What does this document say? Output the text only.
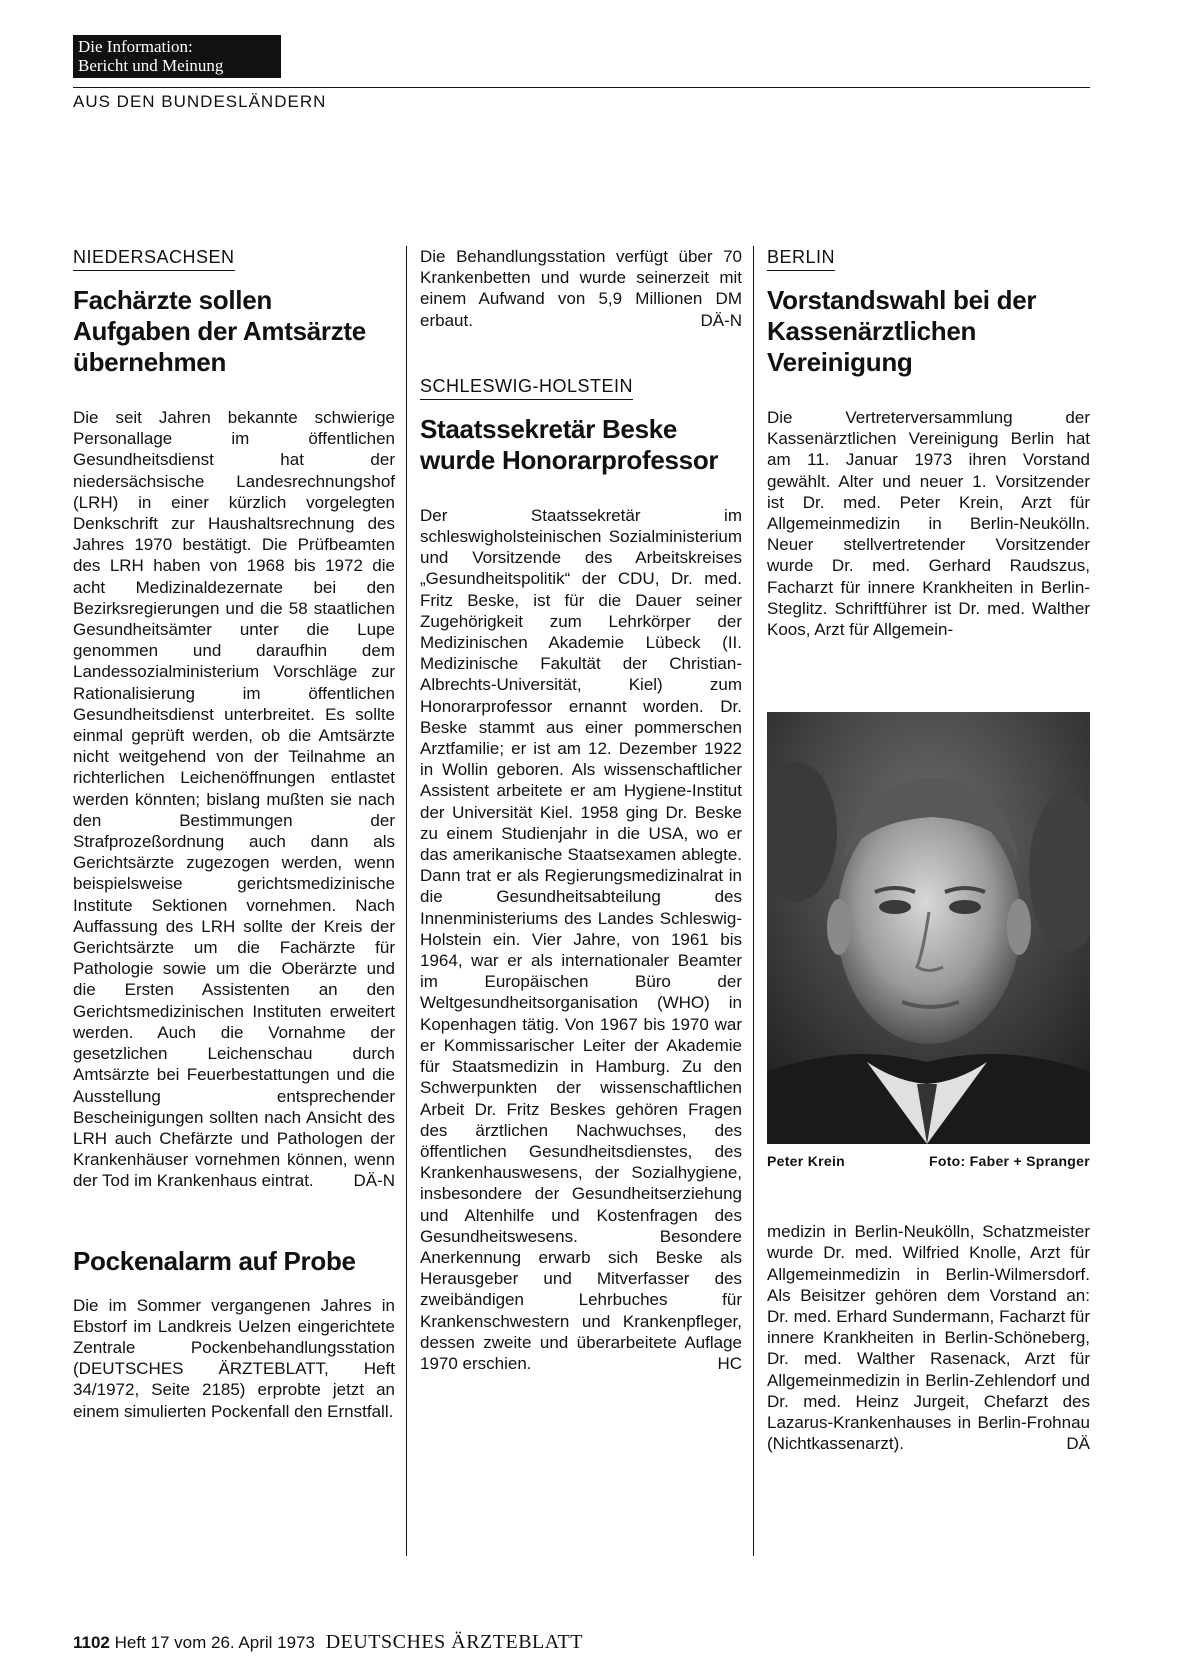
Die Information:
Bericht und Meinung
AUS DEN BUNDESLÄNDERN
NIEDERSACHSEN
Fachärzte sollen Aufgaben der Amtsärzte übernehmen

Die seit Jahren bekannte schwierige Personallage im öffentlichen Gesundheitsdienst hat der niedersächsische Landesrechnungshof (LRH) in einer kürzlich vorgelegten Denkschrift zur Haushaltsrechnung des Jahres 1970 bestätigt. Die Prüfbeamten des LRH haben von 1968 bis 1972 die acht Medizinaldezernate bei den Bezirksregierungen und die 58 staatlichen Gesundheitsämter unter die Lupe genommen und daraufhin dem Landessozialministerium Vorschläge zur Rationalisierung im öffentlichen Gesundheitsdienst unterbreitet. Es sollte einmal geprüft werden, ob die Amtsärzte nicht weitgehend von der Teilnahme an richterlichen Leichenöffnungen entlastet werden könnten; bislang mußten sie nach den Bestimmungen der Strafprozeßordnung auch dann als Gerichtsärzte zugezogen werden, wenn beispielsweise gerichtsmedizinische Institute Sektionen vornehmen. Nach Auffassung des LRH sollte der Kreis der Gerichtsärzte um die Fachärzte für Pathologie sowie um die Oberärzte und die Ersten Assistenten an den Gerichtsmedizinischen Instituten erweitert werden. Auch die Vornahme der gesetzlichen Leichenschau durch Amtsärzte bei Feuerbestattungen und die Ausstellung entsprechender Bescheinigungen sollten nach Ansicht des LRH auch Chefärzte und Pathologen der Krankenhäuser vornehmen können, wenn der Tod im Krankenhaus eintrat. DÄ-N

Pockenalarm auf Probe

Die im Sommer vergangenen Jahres in Ebstorf im Landkreis Uelzen eingerichtete Zentrale Pockenbehandlungsstation (DEUTSCHES ÄRZTEBLATT, Heft 34/1972, Seite 2185) erprobte jetzt an einem simulierten Pockenfall den Ernstfall.

Die Behandlungsstation verfügt über 70 Krankenbetten und wurde seinerzeit mit einem Aufwand von 5,9 Millionen DM erbaut.	DÄ-N

SCHLESWIG-HOLSTEIN
Staatssekretär Beske wurde Honorarprofessor

Der Staatssekretär im schleswigholsteinischen Sozialministerium und Vorsitzende des Arbeitskreises „Gesundheitspolitik“ der CDU, Dr. med. Fritz Beske, ist für die Dauer seiner Zugehörigkeit zum Lehrkörper der Medizinischen Akademie Lübeck (II. Medizinische Fakultät der Christian-Albrechts-Universität, Kiel) zum Honorarprofessor ernannt worden. Dr. Beske stammt aus einer pommerschen Arztfamilie; er ist am 12. Dezember 1922 in Wollin geboren. Als wissenschaftlicher Assistent arbeitete er am Hygiene-Institut der Universität Kiel. 1958 ging Dr. Beske zu einem Studienjahr in die USA, wo er das amerikanische Staatsexamen ablegte. Dann trat er als Regierungsmedizinalrat in die Gesundheitsabteilung des Innenministeriums des Landes Schleswig-Holstein ein. Vier Jahre, von 1961 bis 1964, war er als internationaler Beamter im Europäischen Büro der Weltgesundheitsorganisation (WHO) in Kopenhagen tätig. Von 1967 bis 1970 war er Kommissarischer Leiter der Akademie für Staatsmedizin in Hamburg. Zu den Schwerpunkten der wissenschaftlichen Arbeit Dr. Fritz Beskes gehören Fragen des ärztlichen Nachwuchses, des öffentlichen Gesundheitsdienstes, des Krankenhauswesens, der Sozialhygiene, insbesondere der Gesundheitserziehung und Altenhilfe und Kostenfragen des Gesundheitswesens. Besondere Anerkennung erwarb sich Beske als Herausgeber und Mitverfasser des zweibändigen Lehrbuches für Krankenschwestern und Krankenpfleger, dessen zweite und überarbeitete Auflage 1970 erschien.	HC

BERLIN
Vorstandswahl bei der Kassenärztlichen Vereinigung

Die Vertreterversammlung der Kassenärztlichen Vereinigung Berlin hat am 11. Januar 1973 ihren Vorstand gewählt. Alter und neuer 1. Vorsitzender ist Dr. med. Peter Krein, Arzt für Allgemeinmedizin in Berlin-Neukölln. Neuer stellvertretender Vorsitzender wurde Dr. med. Gerhard Raudszus, Facharzt für innere Krankheiten in Berlin-Steglitz. Schriftführer ist Dr. med. Walther Koos, Arzt für Allgemein-

Peter Krein	Foto: Faber + Spranger

medizin in Berlin-Neukölln, Schatzmeister wurde Dr. med. Wilfried Knolle, Arzt für Allgemeinmedizin in Berlin-Wilmersdorf. Als Beisitzer gehören dem Vorstand an: Dr. med. Erhard Sundermann, Facharzt für innere Krankheiten in Berlin-Schöneberg, Dr. med. Walther Rasenack, Arzt für Allgemeinmedizin in Berlin-Zehlendorf und Dr. med. Heinz Jurgeit, Chefarzt des Lazarus-Krankenhauses in Berlin-Frohnau (Nichtkassenarzt).	DÄ

1102 Heft 17 vom 26. April 1973 DEUTSCHES ÄRZTEBLATT
